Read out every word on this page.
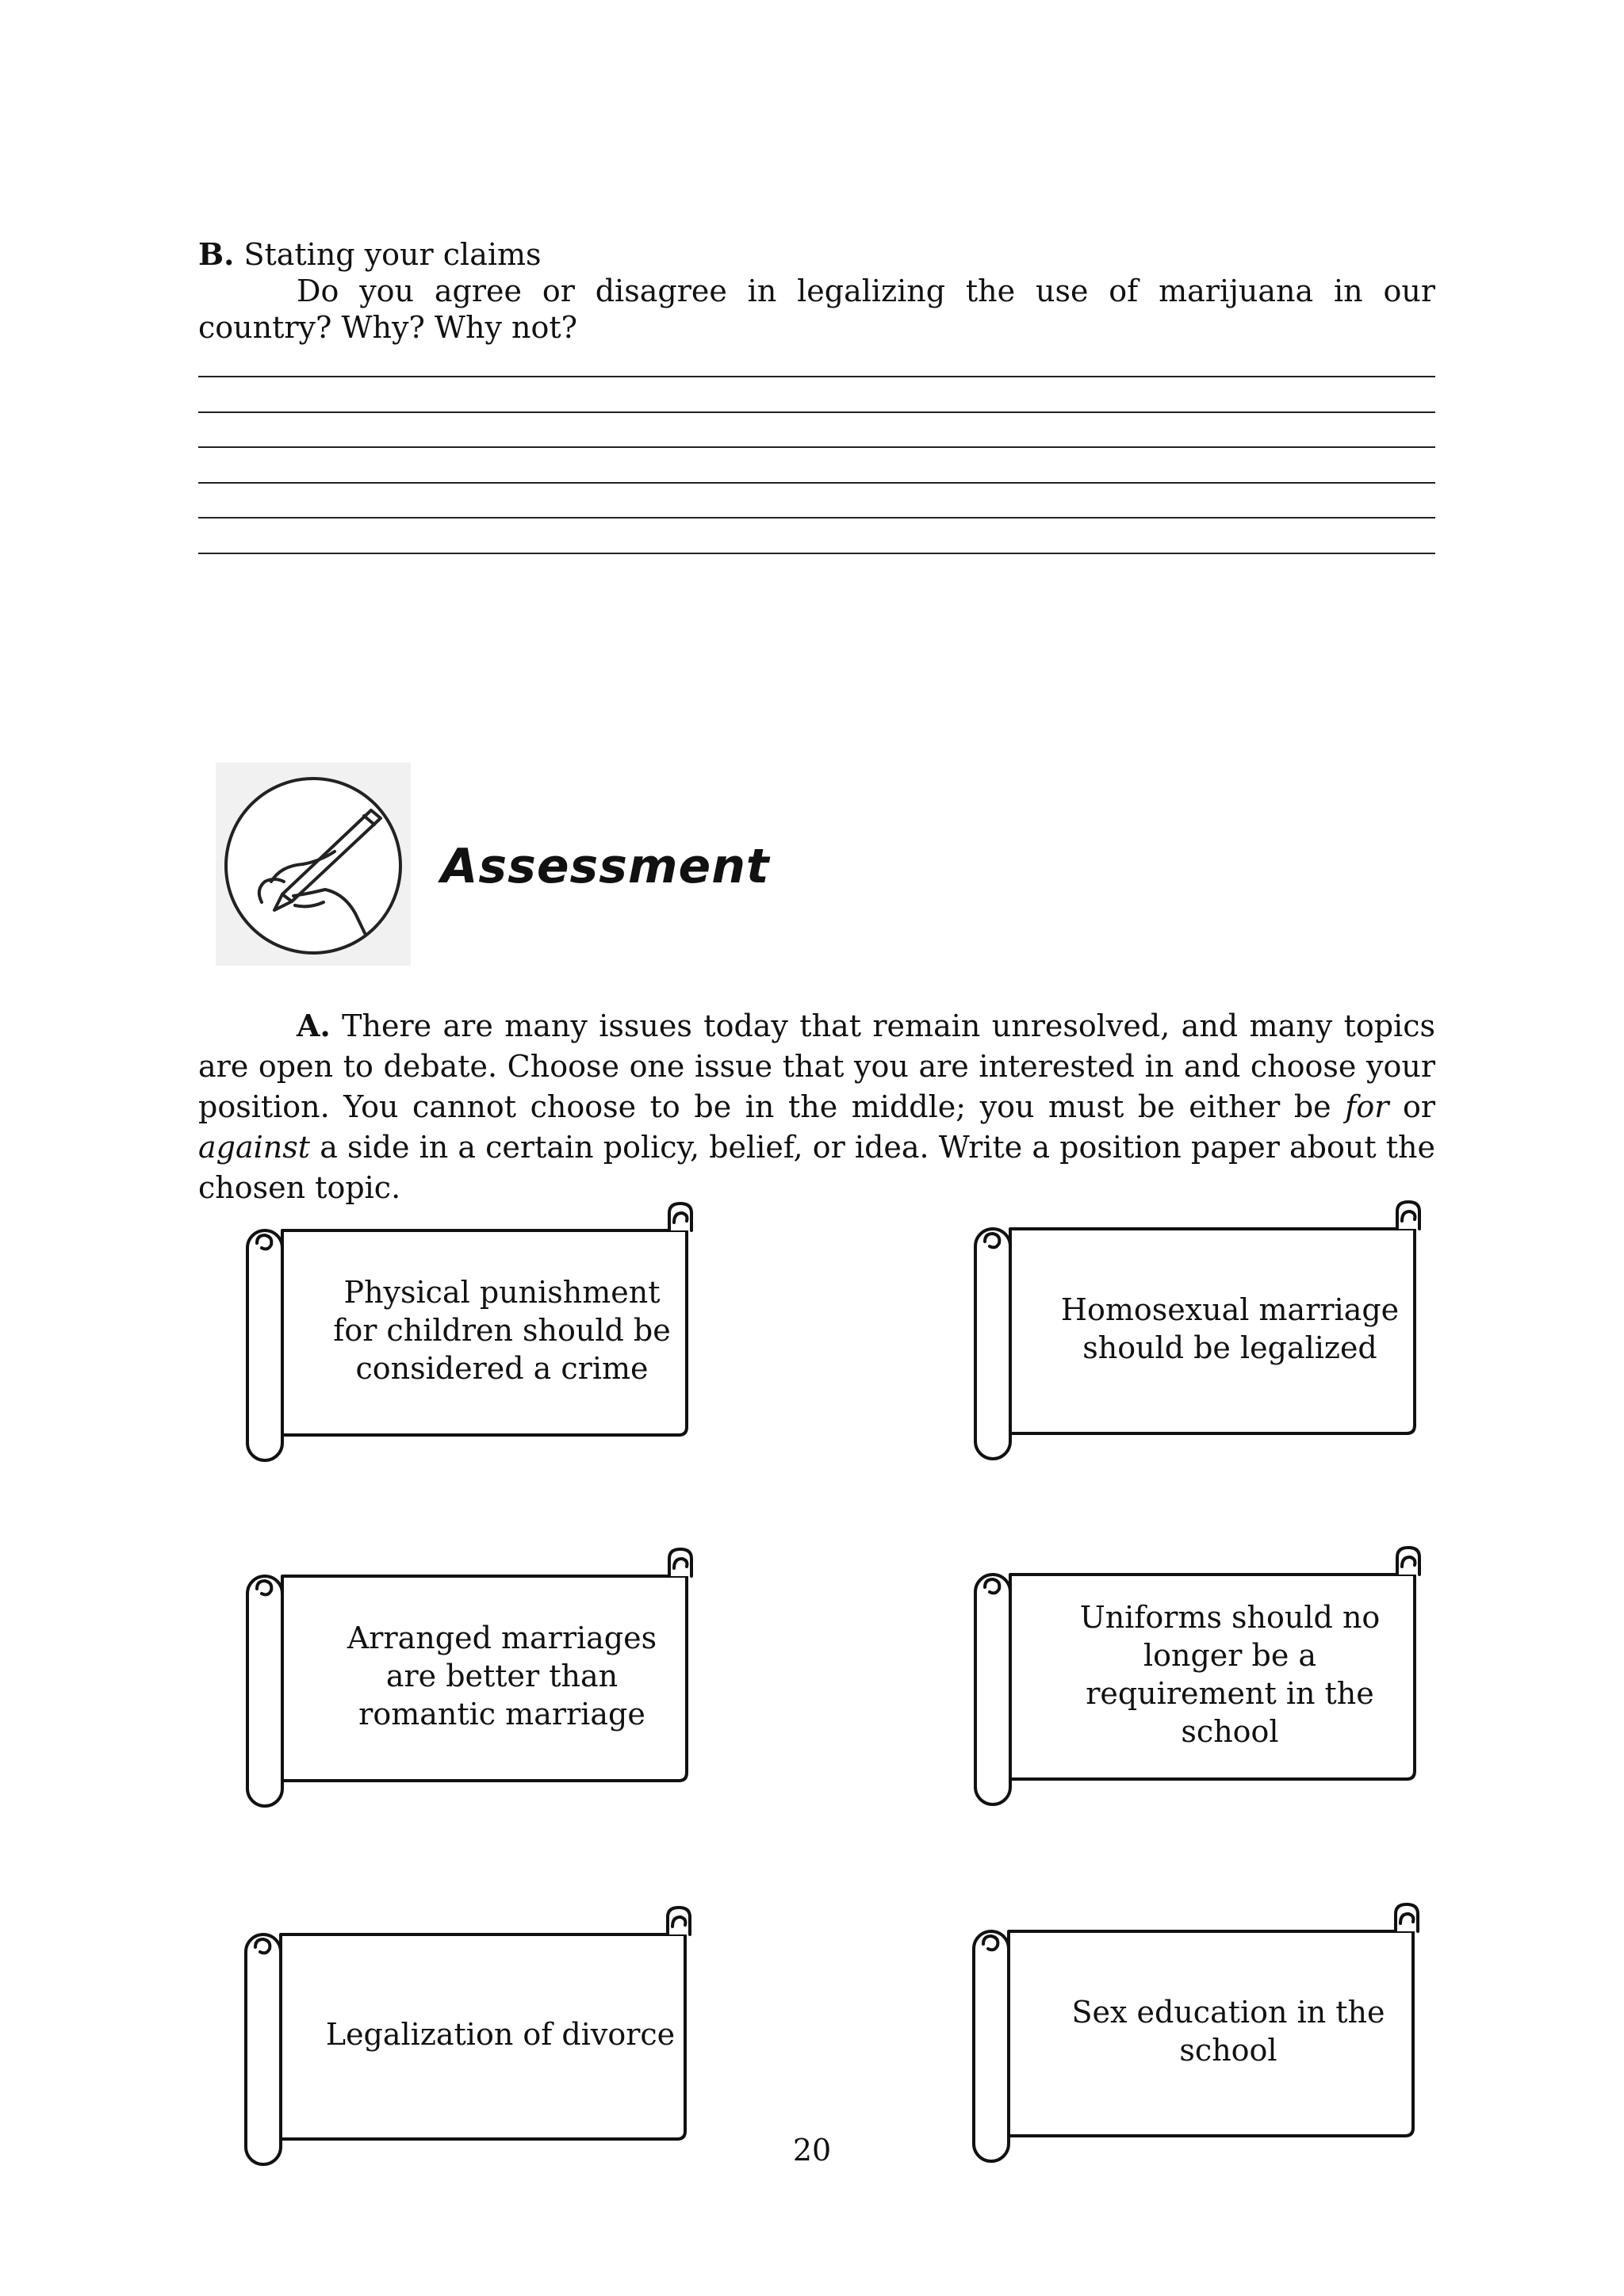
B. Stating your claims

Do you agree or disagree in legalizing the use of marijuana in our country? Why? Why not?

Assessment

A. There are many issues today that remain unresolved, and many topics are open to debate. Choose one issue that you are interested in and choose your position. You cannot choose to be in the middle; you must be either be for or against a side in a certain policy, belief, or idea. Write a position paper about the chosen topic.

Physical punishment for children should be considered a crime
Homosexual marriage should be legalized
Arranged marriages are better than romantic marriage
Uniforms should no longer be a requirement in the school
Legalization of divorce
Sex education in the school

20
